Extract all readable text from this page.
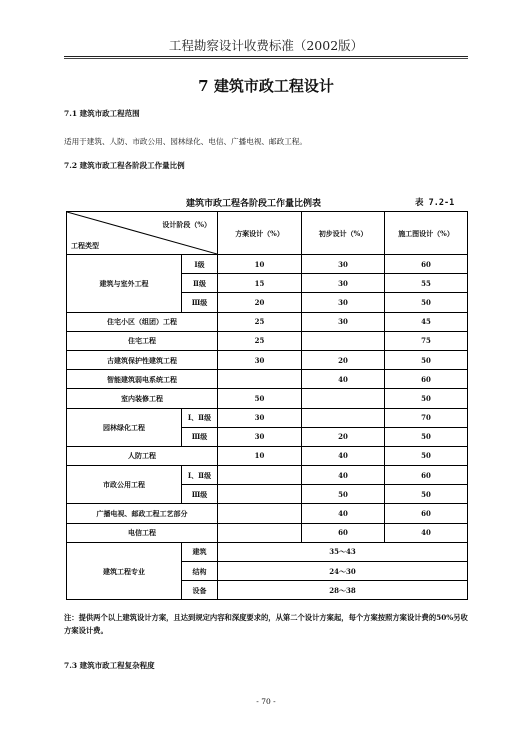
工程勘察设计收费标准（2002版）
7 建筑市政工程设计
7.1 建筑市政工程范围
适用于建筑、人防、市政公用、园林绿化、电信、广播电视、邮政工程。
7.2 建筑市政工程各阶段工作量比例
建筑市政工程各阶段工作量比例表	表 7.2-1
设计阶段（%）
工程类型		方案设计（%）	初步设计（%）	施工图设计（%）
建筑与室外工程	Ⅰ级	10	30	60
	Ⅱ级	15	30	55
	Ⅲ级	20	30	50
住宅小区（组团）工程		25	30	45
住宅工程		25		75
古建筑保护性建筑工程		30	20	50
智能建筑弱电系统工程			40	60
室内装修工程		50		50
园林绿化工程	Ⅰ、Ⅱ级	30		70
	Ⅲ级	30	20	50
人防工程		10	40	50
市政公用工程	Ⅰ、Ⅱ级		40	60
	Ⅲ级		50	50
广播电视、邮政工程工艺部分			40	60
电信工程			60	40
建筑工程专业	建筑	35～43		
	结构	24～30		
	设备	28～38		
注：提供两个以上建筑设计方案，且达到规定内容和深度要求的，从第二个设计方案起，每个方案按照方案设计费的50%另收方案设计费。
7.3 建筑市政工程复杂程度
- 70 -
